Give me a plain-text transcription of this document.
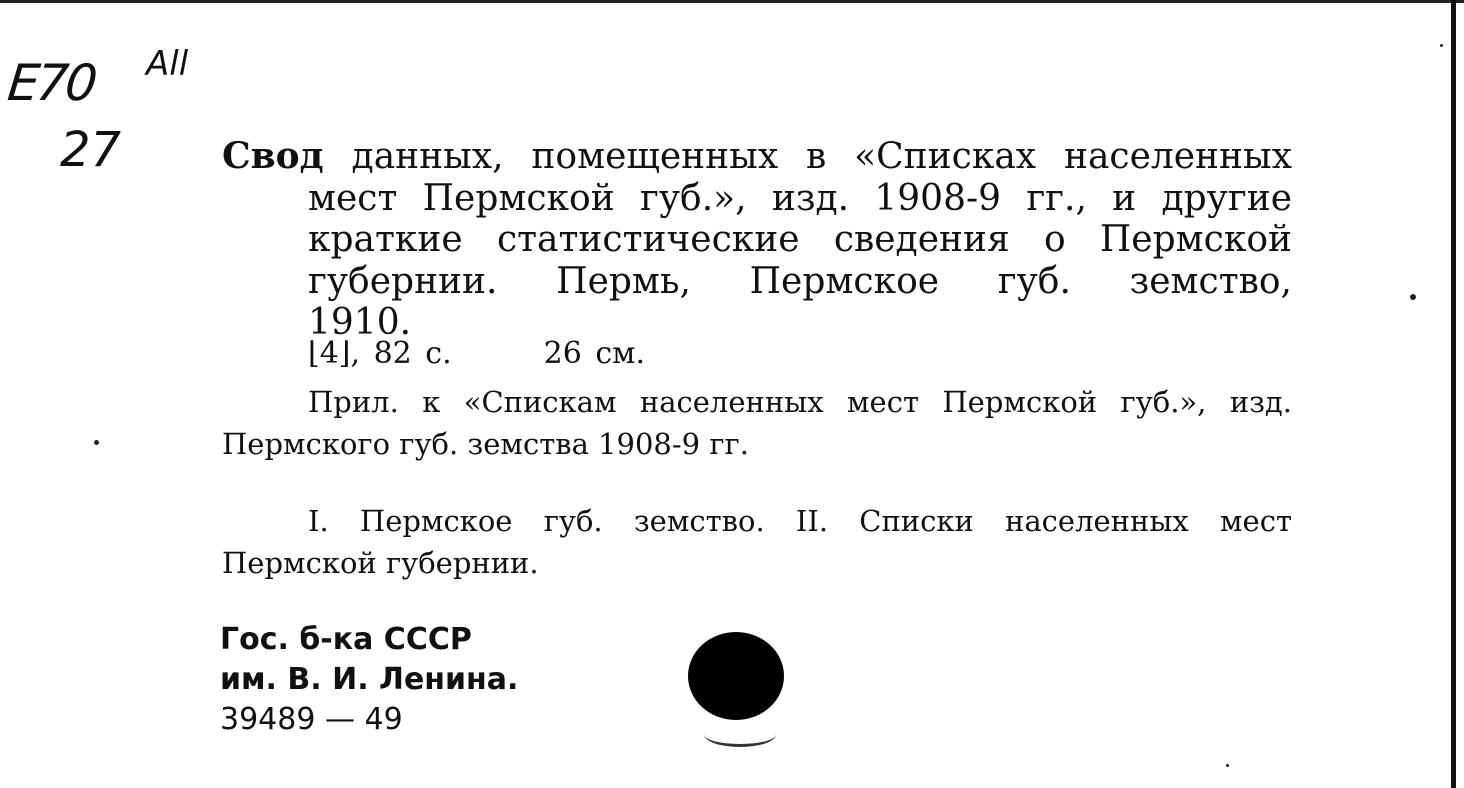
E70 All
27	Свод данных, помещенных в «Списках населенных
мест Пермской губ.», изд. 1908-9 гг., и другие
краткие статистические сведения о Пермской
губернии. Пермь, Пермское губ. земство,
1910.
⌊4⌋, 82 с.	26 см.
Прил. к «Спискам населенных мест Пермской губ.», изд.
Пермского губ. земства 1908-9 гг.
I. Пермское губ. земство. II. Списки населенных мест
Пермской губернии.
Гос. б-ка СССР
им. В. И. Ленина.
39489 — 49
